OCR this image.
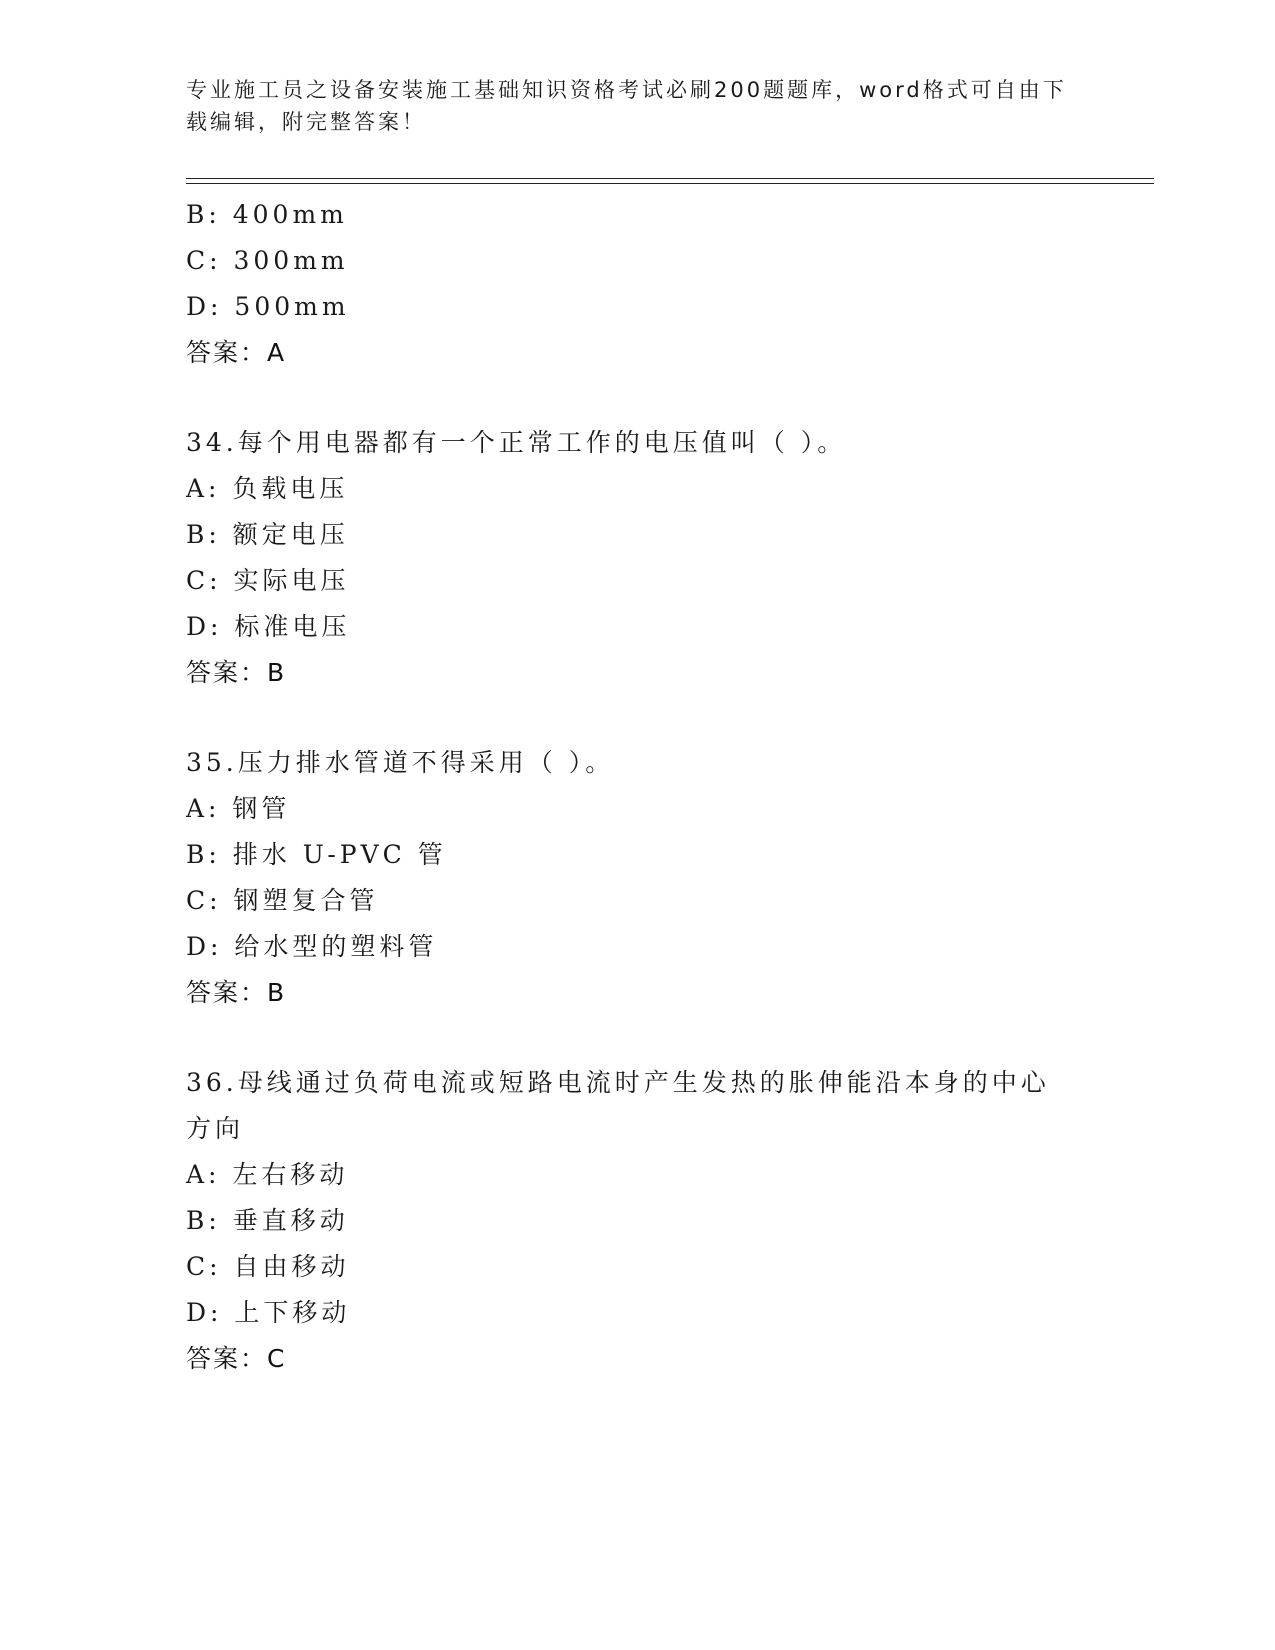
专业施工员之设备安装施工基础知识资格考试必刷200题题库，word格式可自由下载编辑，附完整答案！
B: 400mm
C: 300mm
D: 500mm
答案：A
34.每个用电器都有一个正常工作的电压值叫（ ）。
A: 负载电压
B: 额定电压
C: 实际电压
D: 标准电压
答案：B
35.压力排水管道不得采用（ ）。
A: 钢管
B: 排水 U-PVC 管
C: 钢塑复合管
D: 给水型的塑料管
答案：B
36.母线通过负荷电流或短路电流时产生发热的胀伸能沿本身的中心方向
A: 左右移动
B: 垂直移动
C: 自由移动
D: 上下移动
答案：C
